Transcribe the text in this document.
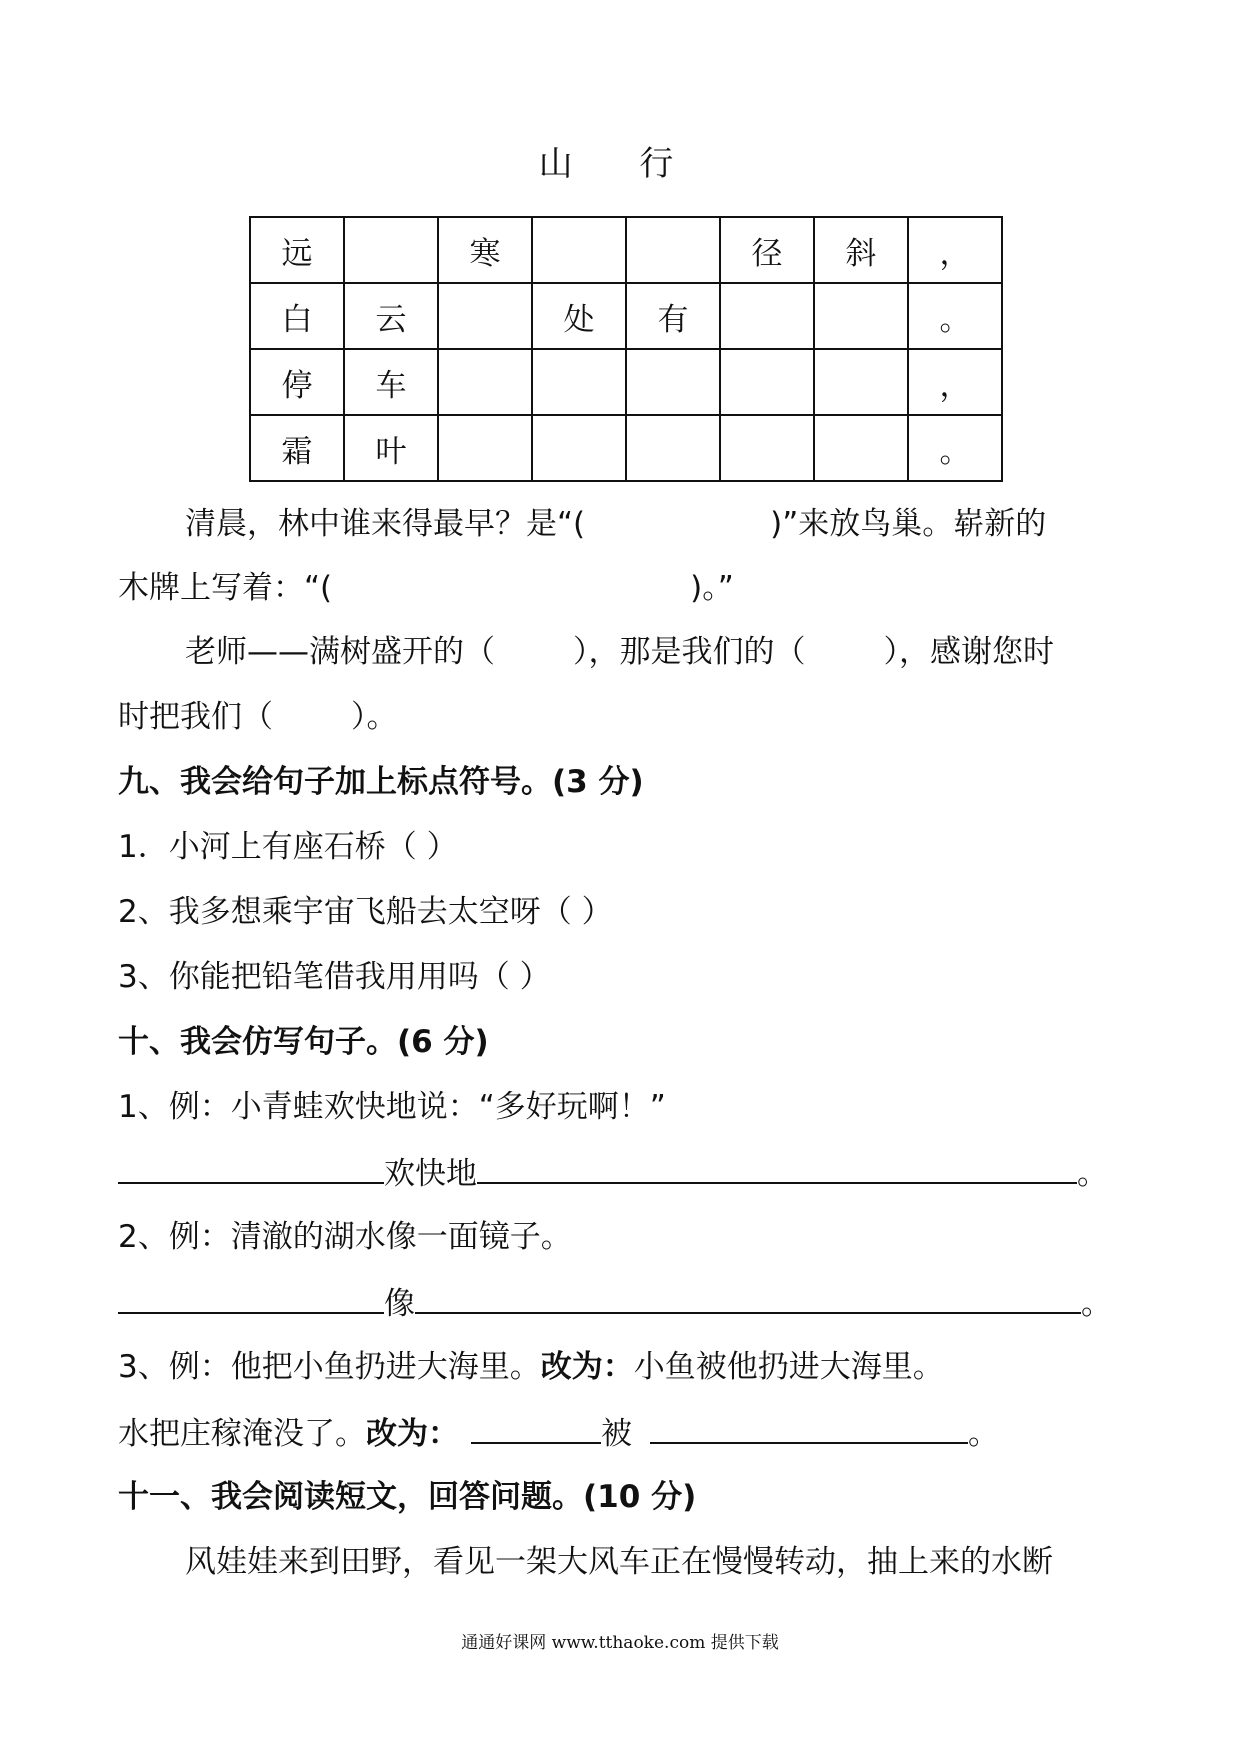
山 行
远		寒			径	斜	，
白	云		处	有			。
停	车						，
霜	叶						。
清晨，林中谁来得最早？是“(	)”来放鸟巢。崭新的
木牌上写着：“(	)。”
老师——满树盛开的（	），那是我们的（	），感谢您时
时把我们（	）。
九、我会给句子加上标点符号。(3 分)
1．小河上有座石桥（ ）
2、我多想乘宇宙飞船去太空呀（ ）
3、你能把铅笔借我用用吗（ ）
十、我会仿写句子。(6 分)
1、例：小青蛙欢快地说：“多好玩啊！”
欢快地	。
2、例：清澈的湖水像一面镜子。
像	。
3、例：他把小鱼扔进大海里。改为：小鱼被他扔进大海里。
水把庄稼淹没了。改为：	被	。
十一、我会阅读短文，回答问题。(10 分)
风娃娃来到田野，看见一架大风车正在慢慢转动，抽上来的水断
通通好课网 www.tthaoke.com 提供下载
